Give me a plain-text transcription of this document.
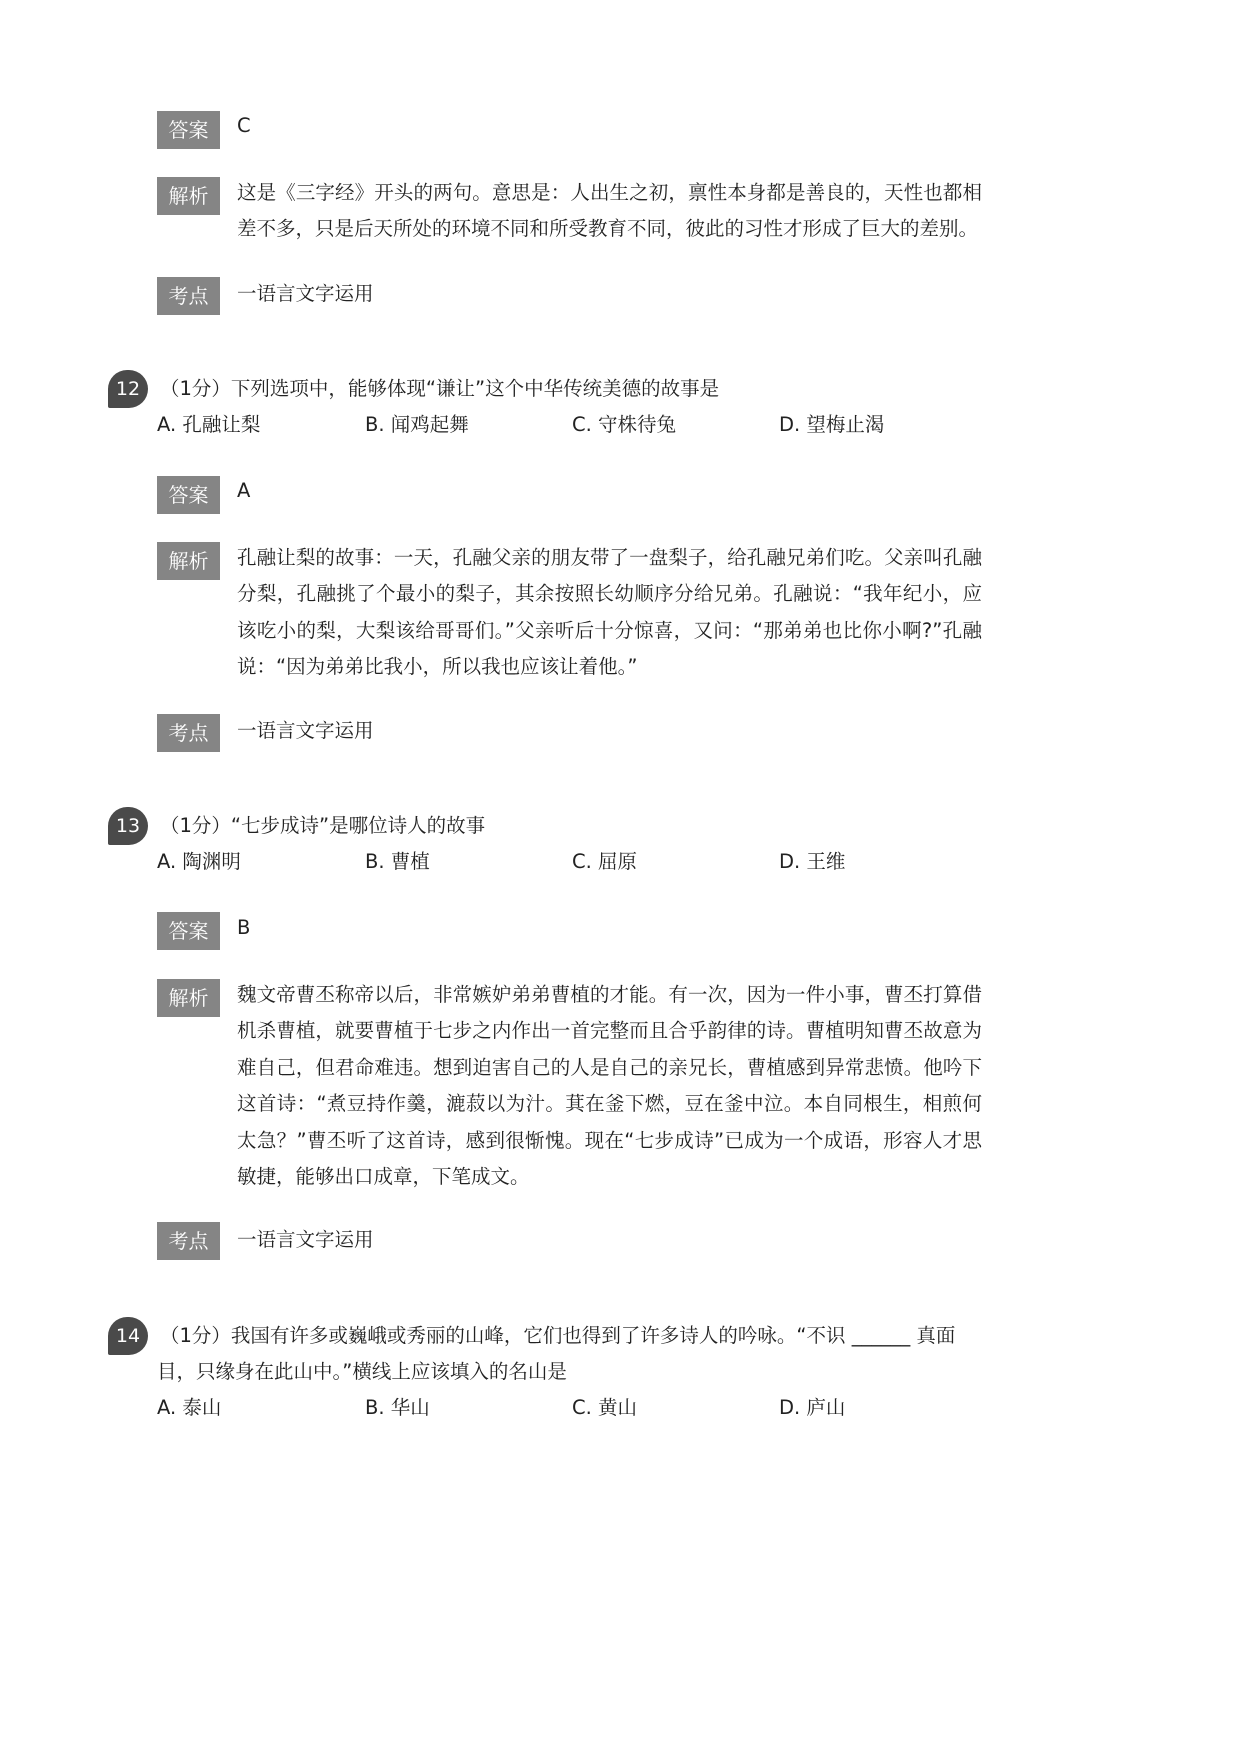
答案	C
解析	这是《三字经》开头的两句。意思是：人出生之初，禀性本身都是善良的，天性也都相差不多，只是后天所处的环境不同和所受教育不同，彼此的习性才形成了巨大的差别。
考点	一语言文字运用
12	（1分）下列选项中，能够体现“谦让”这个中华传统美德的故事是
A. 孔融让梨	B. 闻鸡起舞	C. 守株待兔	D. 望梅止渴
答案	A
解析	孔融让梨的故事：一天，孔融父亲的朋友带了一盘梨子，给孔融兄弟们吃。父亲叫孔融分梨，孔融挑了个最小的梨子，其余按照长幼顺序分给兄弟。孔融说：“我年纪小，应该吃小的梨，大梨该给哥哥们。”父亲听后十分惊喜，又问：“那弟弟也比你小啊?”孔融说：“因为弟弟比我小，所以我也应该让着他。”
考点	一语言文字运用
13	（1分）“七步成诗”是哪位诗人的故事
A. 陶渊明	B. 曹植	C. 屈原	D. 王维
答案	B
解析	魏文帝曹丕称帝以后，非常嫉妒弟弟曹植的才能。有一次，因为一件小事，曹丕打算借机杀曹植，就要曹植于七步之内作出一首完整而且合乎韵律的诗。曹植明知曹丕故意为难自己，但君命难违。想到迫害自己的人是自己的亲兄长，曹植感到异常悲愤。他吟下这首诗：“煮豆持作羹，漉菽以为汁。萁在釜下燃，豆在釜中泣。本自同根生，相煎何太急？”曹丕听了这首诗，感到很惭愧。现在“七步成诗”已成为一个成语，形容人才思敏捷，能够出口成章，下笔成文。
考点	一语言文字运用
14	（1分）我国有许多或巍峨或秀丽的山峰，它们也得到了许多诗人的吟咏。“不识 ______ 真面目，只缘身在此山中。”横线上应该填入的名山是
A. 泰山	B. 华山	C. 黄山	D. 庐山
